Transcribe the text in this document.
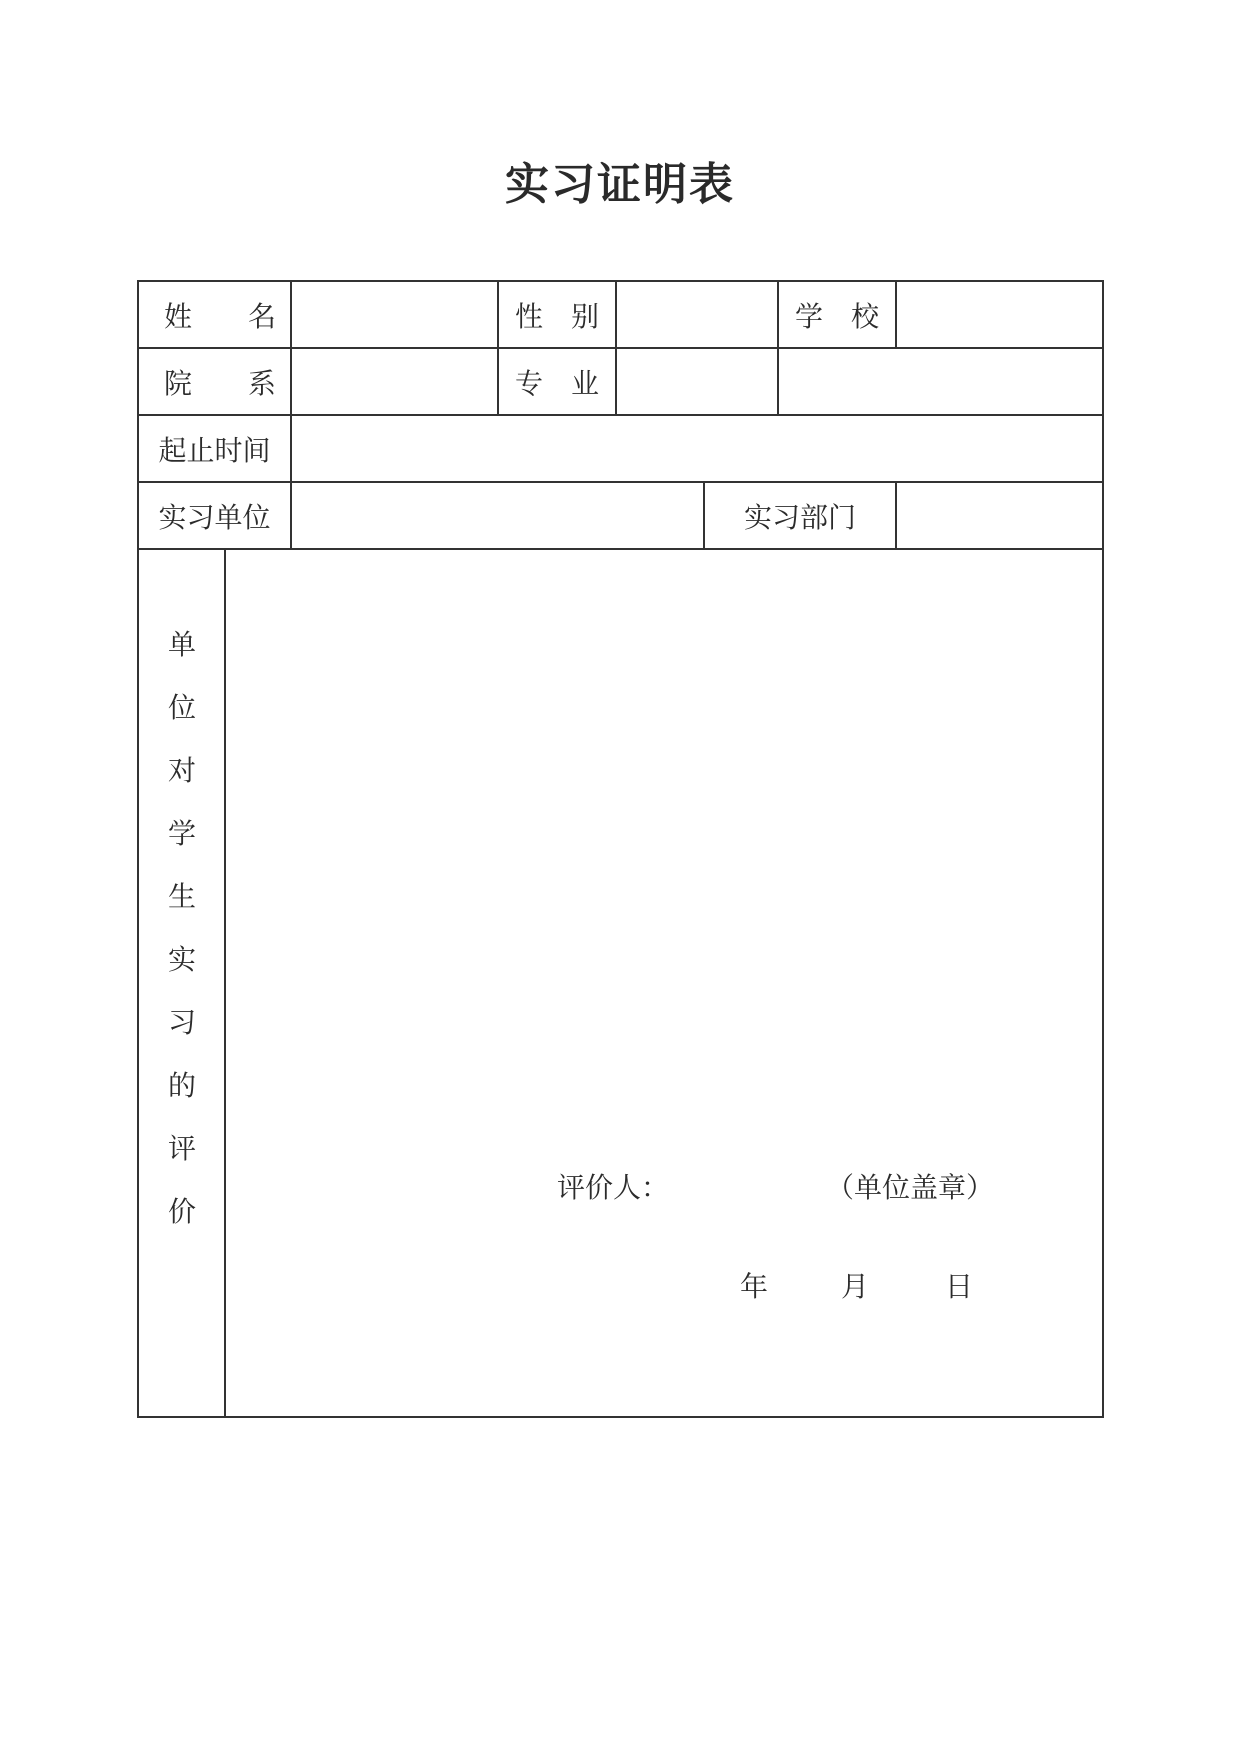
实习证明表
姓　　名	性　别	学　校
院　　系	专　业
起止时间
实习单位	实习部门
单
位
对
学
生
实
习
的
评
价
评价人：	（单位盖章）
年	月	日
